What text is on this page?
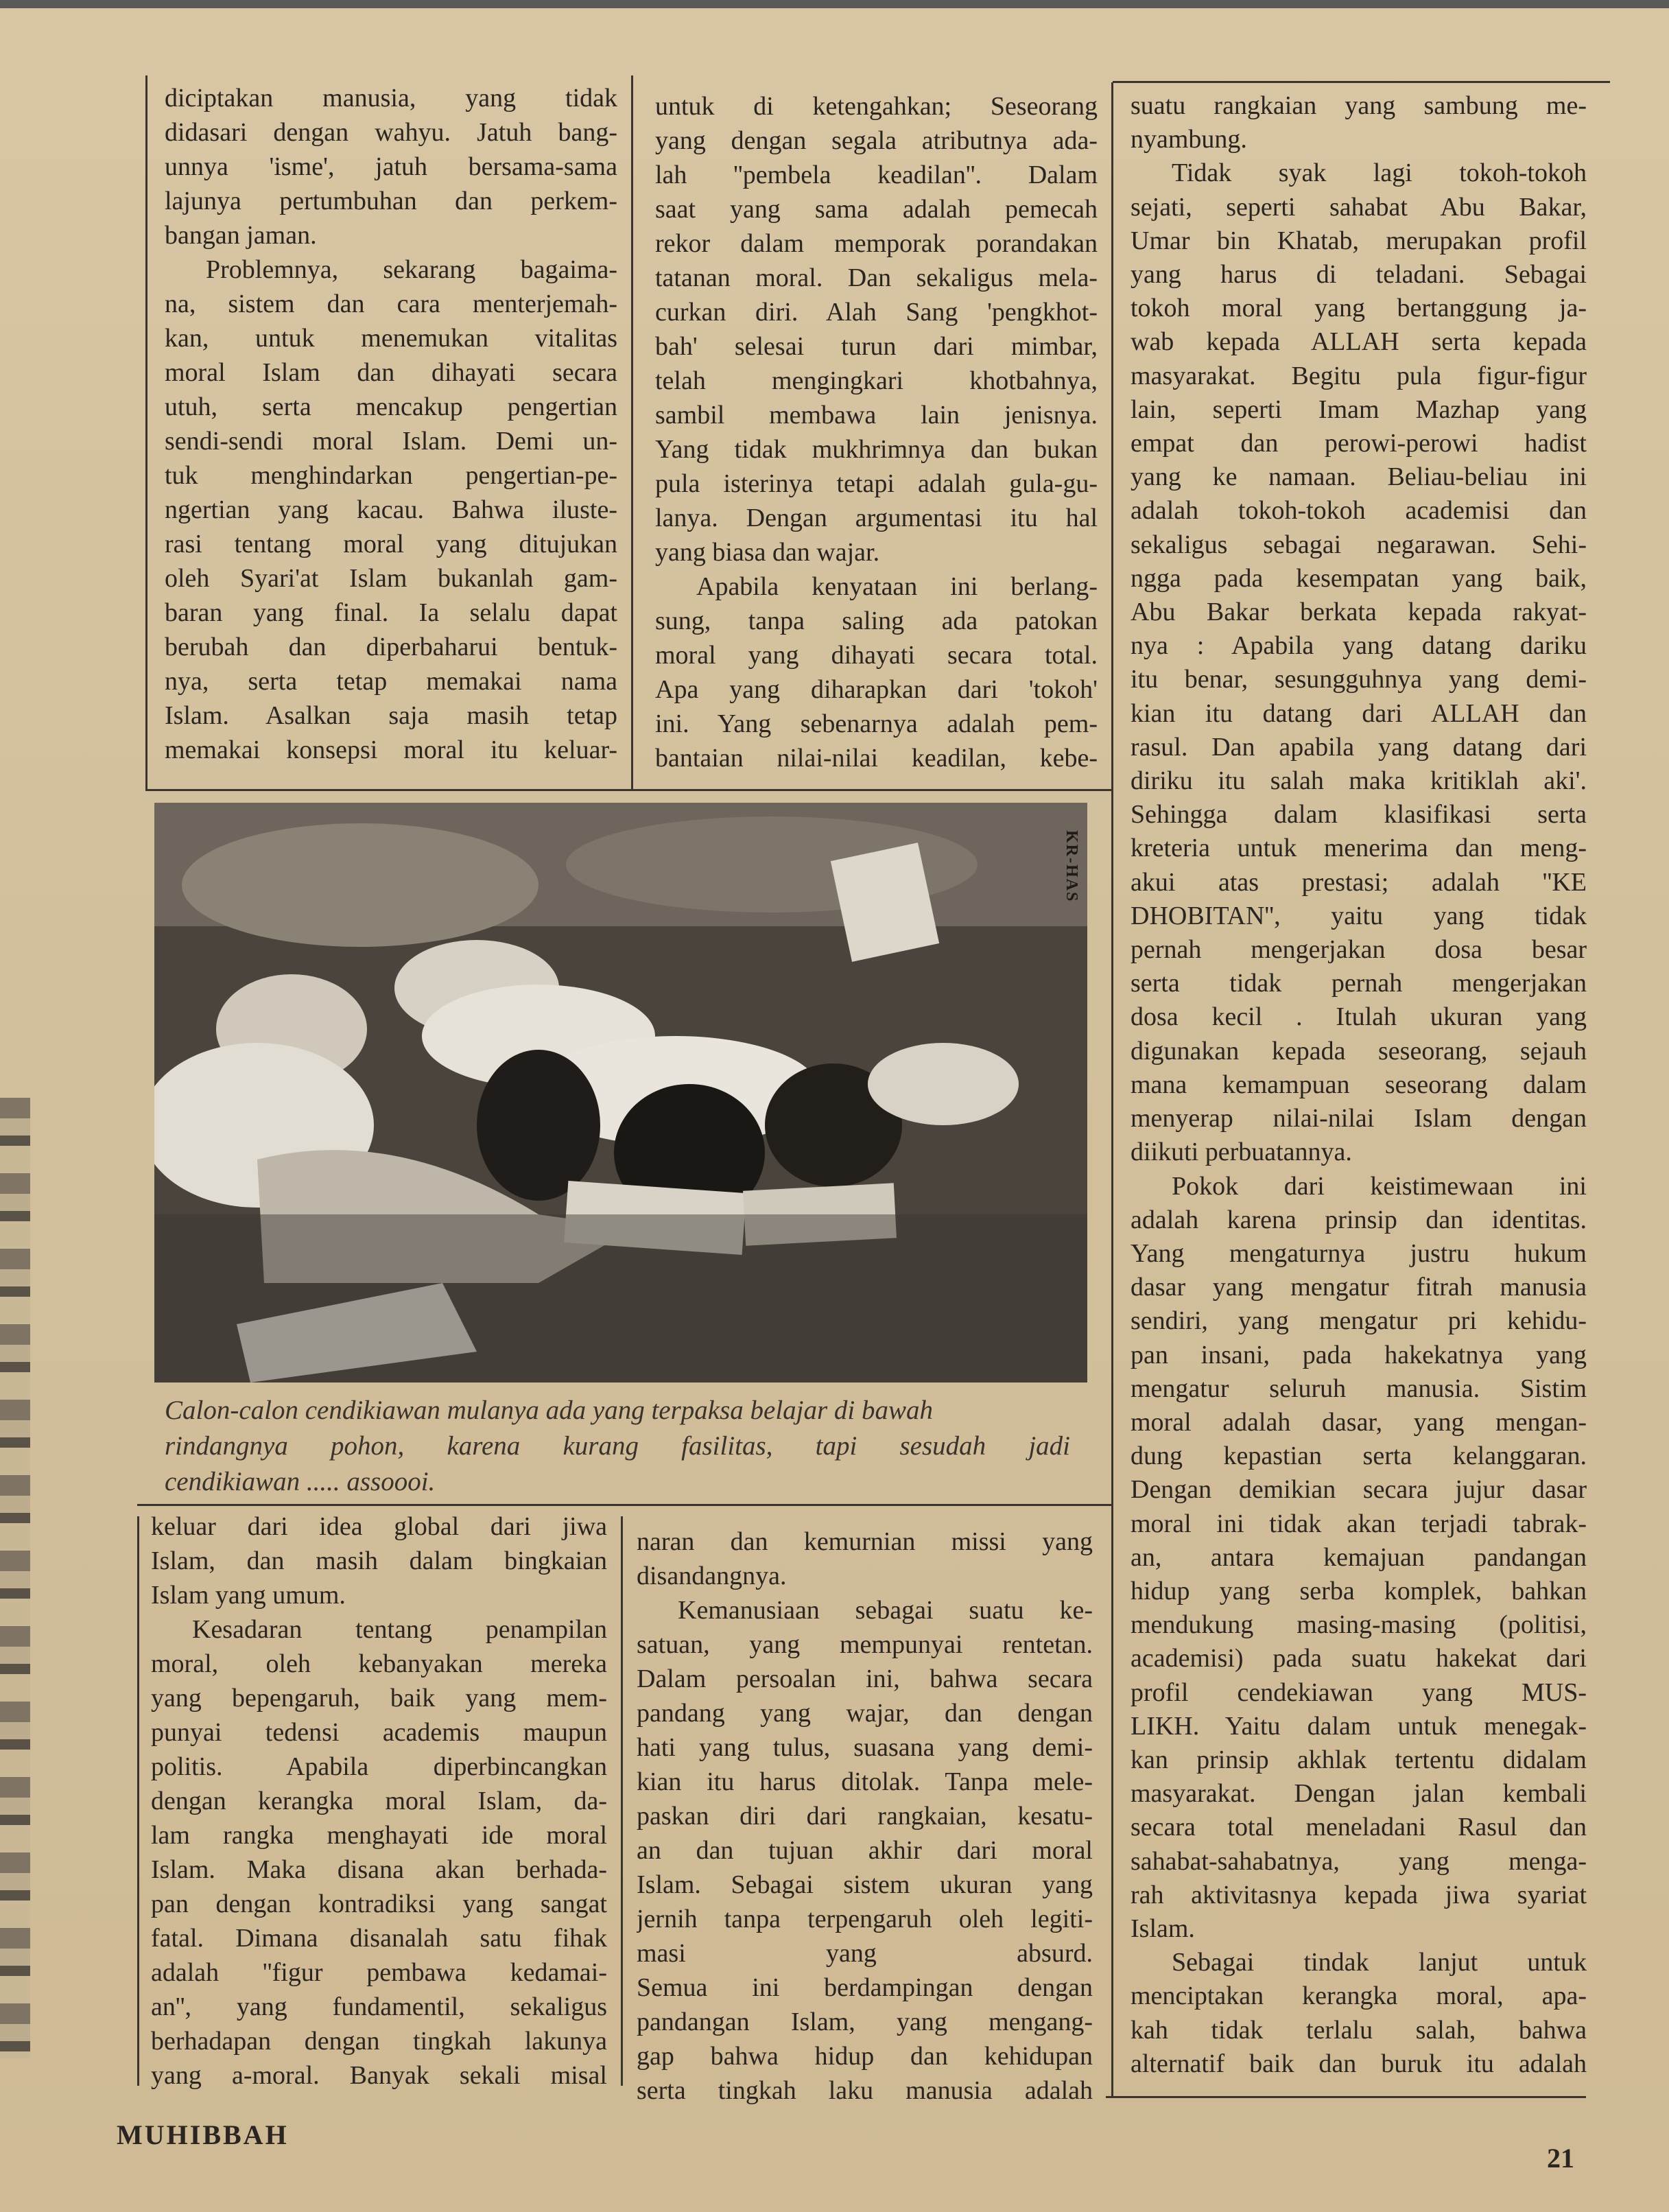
diciptakan manusia, yang tidak

didasari dengan wahyu. Jatuh bang-

unnya 'isme', jatuh bersama-sama

lajunya pertumbuhan dan perkem-

bangan jaman.

Problemnya, sekarang bagaima-

na, sistem dan cara menterjemah-

kan, untuk menemukan vitalitas

moral Islam dan dihayati secara

utuh, serta mencakup pengertian

sendi-sendi moral Islam. Demi un-

tuk menghindarkan pengertian-pe-

ngertian yang kacau. Bahwa iluste-

rasi tentang moral yang ditujukan

oleh Syari'at Islam bukanlah gam-

baran yang final. Ia selalu dapat

berubah dan diperbaharui bentuk-

nya, serta tetap memakai nama

Islam. Asalkan saja masih tetap

memakai konsepsi moral itu keluar-

untuk di ketengahkan; Seseorang

yang dengan segala atributnya ada-

lah ''pembela keadilan''. Dalam

saat yang sama adalah pemecah

rekor dalam memporak porandakan

tatanan moral. Dan sekaligus mela-

curkan diri. Alah Sang 'pengkhot-

bah' selesai turun dari mimbar,

telah mengingkari khotbahnya,

sambil membawa lain jenisnya.

Yang tidak mukhrimnya dan bukan

pula isterinya tetapi adalah gula-gu-

lanya. Dengan argumentasi itu hal

yang biasa dan wajar.

Apabila kenyataan ini berlang-

sung, tanpa saling ada patokan

moral yang dihayati secara total.

Apa yang diharapkan dari 'tokoh'

ini. Yang sebenarnya adalah pem-

bantaian nilai-nilai keadilan, kebe-

suatu rangkaian yang sambung me-

nyambung.

Tidak syak lagi tokoh-tokoh

sejati, seperti sahabat Abu Bakar,

Umar bin Khatab, merupakan profil

yang harus di teladani. Sebagai

tokoh moral yang bertanggung ja-

wab kepada ALLAH serta kepada

masyarakat. Begitu pula figur-figur

lain, seperti Imam Mazhap yang

empat dan perowi-perowi hadist

yang ke namaan. Beliau-beliau ini

adalah tokoh-tokoh academisi dan

sekaligus sebagai negarawan. Sehi-

ngga pada kesempatan yang baik,

Abu Bakar berkata kepada rakyat-

nya : Apabila yang datang dariku

itu benar, sesungguhnya yang demi-

kian itu datang dari ALLAH dan

rasul. Dan apabila yang datang dari

diriku itu salah maka kritiklah aki'.

Sehingga dalam klasifikasi serta

kreteria untuk menerima dan meng-

akui atas prestasi; adalah ''KE

DHOBITAN'', yaitu yang tidak

pernah mengerjakan dosa besar

serta tidak pernah mengerjakan

dosa kecil . Itulah ukuran yang

digunakan kepada seseorang, sejauh

mana kemampuan seseorang dalam

menyerap nilai-nilai Islam dengan

diikuti perbuatannya.

Pokok dari keistimewaan ini

adalah karena prinsip dan identitas.

Yang mengaturnya justru hukum

dasar yang mengatur fitrah manusia

sendiri, yang mengatur pri kehidu-

pan insani, pada hakekatnya yang

mengatur seluruh manusia. Sistim

moral adalah dasar, yang mengan-

dung kepastian serta kelanggaran.

Dengan demikian secara jujur dasar

moral ini tidak akan terjadi tabrak-

an, antara kemajuan pandangan

hidup yang serba komplek, bahkan

mendukung masing-masing (politisi,

academisi) pada suatu hakekat dari

profil cendekiawan yang MUS-

LIKH. Yaitu dalam untuk menegak-

kan prinsip akhlak tertentu didalam

masyarakat. Dengan jalan kembali

secara total meneladani Rasul dan

sahabat-sahabatnya, yang menga-

rah aktivitasnya kepada jiwa syariat

Islam.

Sebagai tindak lanjut untuk

menciptakan kerangka moral, apa-

kah tidak terlalu salah, bahwa

alternatif baik dan buruk itu adalah

KR-HAS

Calon-calon cendikiawan mulanya ada yang terpaksa belajar di bawah

rindangnya pohon, karena kurang fasilitas, tapi sesudah jadi

cendikiawan ..... assoooi.

keluar dari idea global dari jiwa

Islam, dan masih dalam bingkaian

Islam yang umum.

Kesadaran tentang penampilan

moral, oleh kebanyakan mereka

yang bepengaruh, baik yang mem-

punyai tedensi academis maupun

politis. Apabila diperbincangkan

dengan kerangka moral Islam, da-

lam rangka menghayati ide moral

Islam. Maka disana akan berhada-

pan dengan kontradiksi yang sangat

fatal. Dimana disanalah satu fihak

adalah ''figur pembawa kedamai-

an'', yang fundamentil, sekaligus

berhadapan dengan tingkah lakunya

yang a-moral. Banyak sekali misal

naran dan kemurnian missi yang

disandangnya.

Kemanusiaan sebagai suatu ke-

satuan, yang mempunyai rentetan.

Dalam persoalan ini, bahwa secara

pandang yang wajar, dan dengan

hati yang tulus, suasana yang demi-

kian itu harus ditolak. Tanpa mele-

paskan diri dari rangkaian, kesatu-

an dan tujuan akhir dari moral

Islam. Sebagai sistem ukuran yang

jernih tanpa terpengaruh oleh legiti-

masi yang absurd.

Semua ini berdampingan dengan

pandangan Islam, yang mengang-

gap bahwa hidup dan kehidupan

serta tingkah laku manusia adalah

MUHIBBAH
21
